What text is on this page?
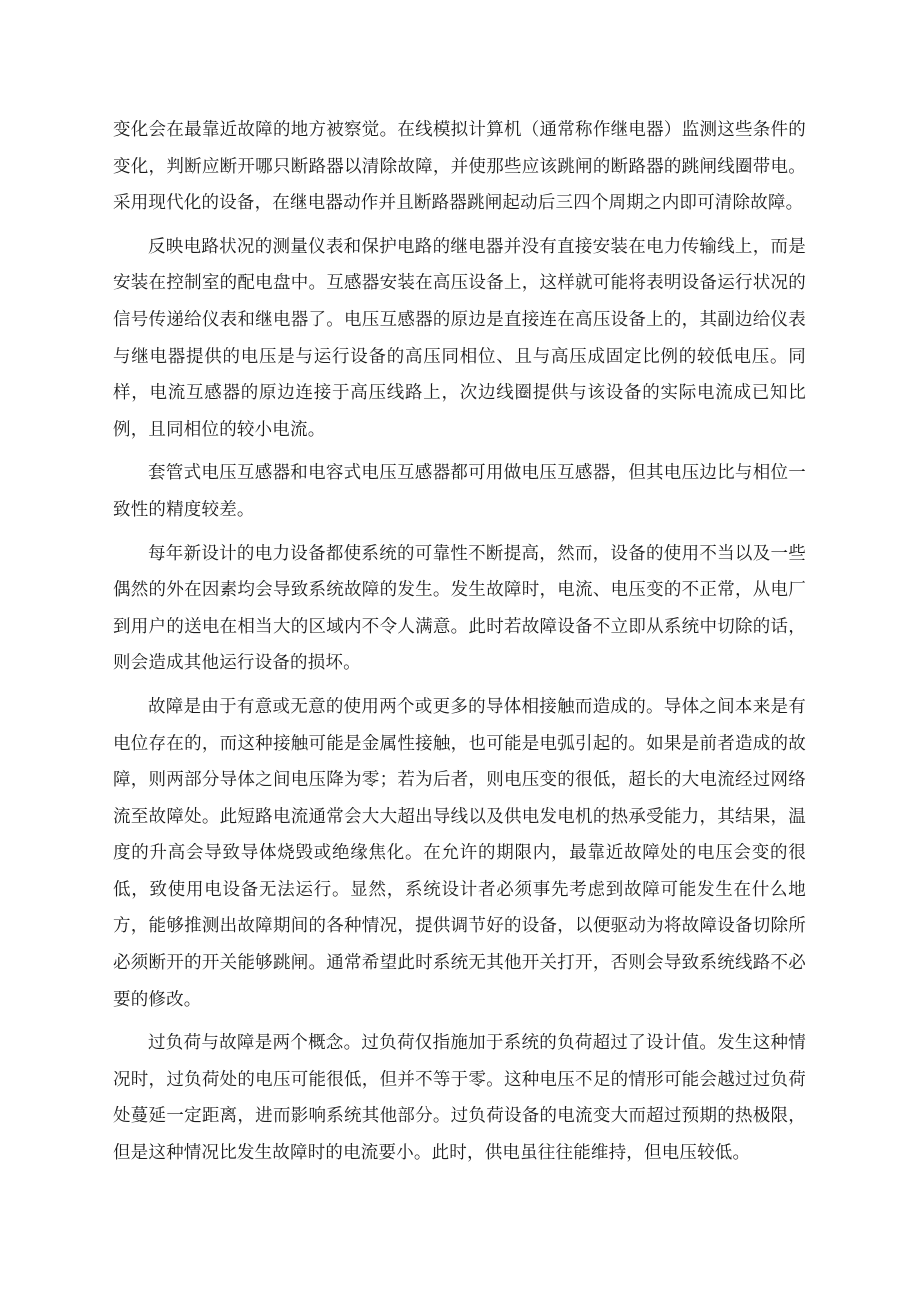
变化会在最靠近故障的地方被察觉。在线模拟计算机（通常称作继电器）监测这些条件的变化，判断应断开哪只断路器以清除故障，并使那些应该跳闸的断路器的跳闸线圈带电。采用现代化的设备，在继电器动作并且断路器跳闸起动后三四个周期之内即可清除故障。

反映电路状况的测量仪表和保护电路的继电器并没有直接安装在电力传输线上，而是安装在控制室的配电盘中。互感器安装在高压设备上，这样就可能将表明设备运行状况的信号传递给仪表和继电器了。电压互感器的原边是直接连在高压设备上的，其副边给仪表与继电器提供的电压是与运行设备的高压同相位、且与高压成固定比例的较低电压。同样，电流互感器的原边连接于高压线路上，次边线圈提供与该设备的实际电流成已知比例，且同相位的较小电流。

套管式电压互感器和电容式电压互感器都可用做电压互感器，但其电压边比与相位一致性的精度较差。

每年新设计的电力设备都使系统的可靠性不断提高，然而，设备的使用不当以及一些偶然的外在因素均会导致系统故障的发生。发生故障时，电流、电压变的不正常，从电厂到用户的送电在相当大的区域内不令人满意。此时若故障设备不立即从系统中切除的话，则会造成其他运行设备的损坏。

故障是由于有意或无意的使用两个或更多的导体相接触而造成的。导体之间本来是有电位存在的，而这种接触可能是金属性接触，也可能是电弧引起的。如果是前者造成的故障，则两部分导体之间电压降为零；若为后者，则电压变的很低，超长的大电流经过网络流至故障处。此短路电流通常会大大超出导线以及供电发电机的热承受能力，其结果，温度的升高会导致导体烧毁或绝缘焦化。在允许的期限内，最靠近故障处的电压会变的很低，致使用电设备无法运行。显然，系统设计者必须事先考虑到故障可能发生在什么地方，能够推测出故障期间的各种情况，提供调节好的设备，以便驱动为将故障设备切除所必须断开的开关能够跳闸。通常希望此时系统无其他开关打开，否则会导致系统线路不必要的修改。

过负荷与故障是两个概念。过负荷仅指施加于系统的负荷超过了设计值。发生这种情况时，过负荷处的电压可能很低，但并不等于零。这种电压不足的情形可能会越过过负荷处蔓延一定距离，进而影响系统其他部分。过负荷设备的电流变大而超过预期的热极限，但是这种情况比发生故障时的电流要小。此时，供电虽往往能维持，但电压较低。
